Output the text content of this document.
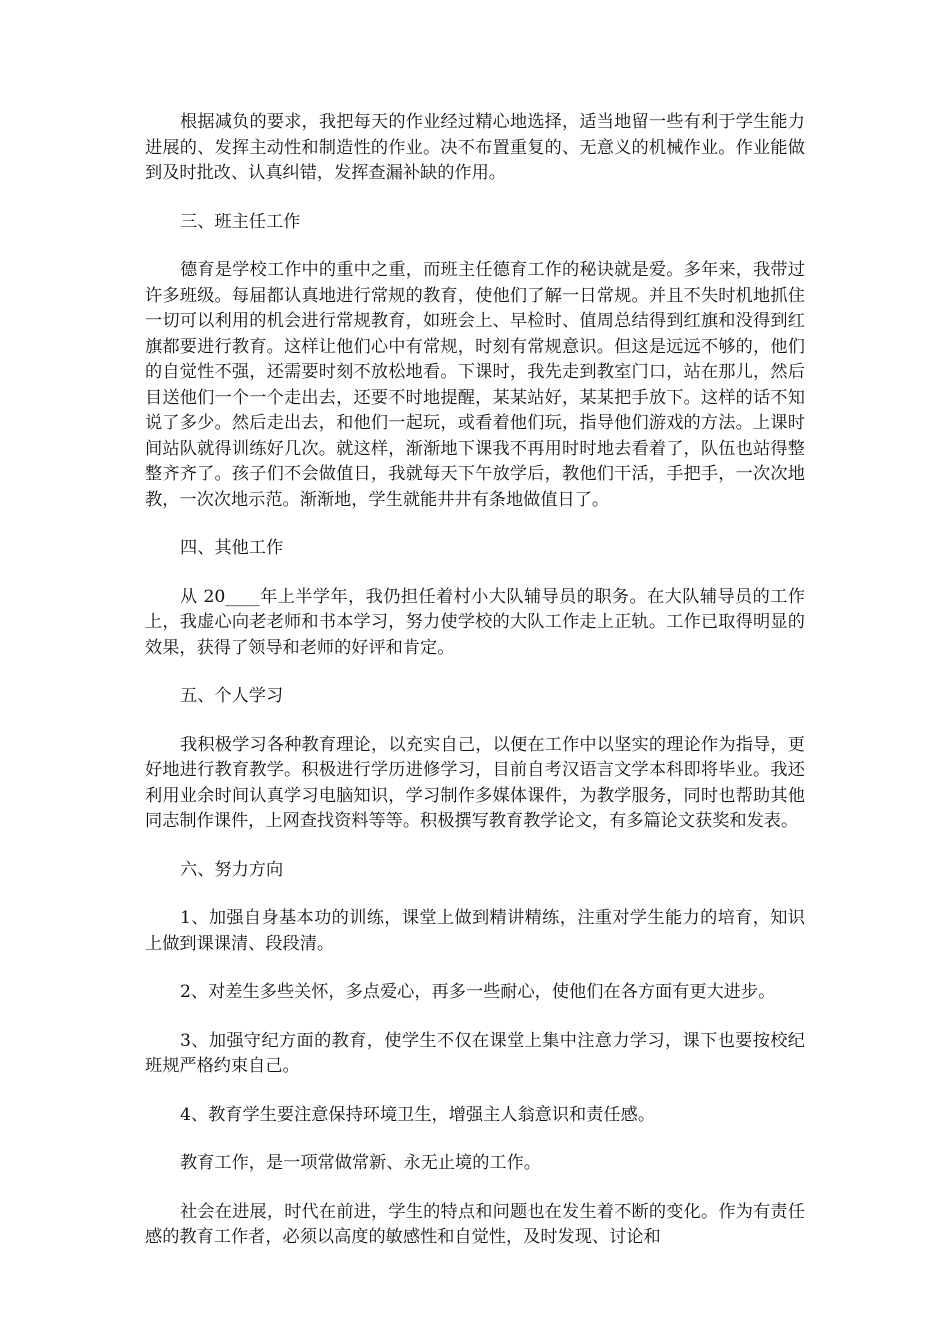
根据减负的要求，我把每天的作业经过精心地选择，适当地留一些有利于学生能力进展的、发挥主动性和制造性的作业。决不布置重复的、无意义的机械作业。作业能做到及时批改、认真纠错，发挥查漏补缺的作用。

三、班主任工作

德育是学校工作中的重中之重，而班主任德育工作的秘诀就是爱。多年来，我带过许多班级。每届都认真地进行常规的教育，使他们了解一日常规。并且不失时机地抓住一切可以利用的机会进行常规教育，如班会上、早检时、值周总结得到红旗和没得到红旗都要进行教育。这样让他们心中有常规，时刻有常规意识。但这是远远不够的，他们的自觉性不强，还需要时刻不放松地看。下课时，我先走到教室门口，站在那儿，然后目送他们一个一个走出去，还要不时地提醒，某某站好，某某把手放下。这样的话不知说了多少。然后走出去，和他们一起玩，或看着他们玩，指导他们游戏的方法。上课时间站队就得训练好几次。就这样，渐渐地下课我不再用时时地去看着了，队伍也站得整整齐齐了。孩子们不会做值日，我就每天下午放学后，教他们干活，手把手，一次次地教，一次次地示范。渐渐地，学生就能井井有条地做值日了。

四、其他工作

从 20____年上半学年，我仍担任着村小大队辅导员的职务。在大队辅导员的工作上，我虚心向老老师和书本学习，努力使学校的大队工作走上正轨。工作已取得明显的效果，获得了领导和老师的好评和肯定。

五、个人学习

我积极学习各种教育理论，以充实自己，以便在工作中以坚实的理论作为指导，更好地进行教育教学。积极进行学历进修学习，目前自考汉语言文学本科即将毕业。我还利用业余时间认真学习电脑知识，学习制作多媒体课件，为教学服务，同时也帮助其他同志制作课件，上网查找资料等等。积极撰写教育教学论文，有多篇论文获奖和发表。

六、努力方向

1、加强自身基本功的训练，课堂上做到精讲精练，注重对学生能力的培育，知识上做到课课清、段段清。

2、对差生多些关怀，多点爱心，再多一些耐心，使他们在各方面有更大进步。

3、加强守纪方面的教育，使学生不仅在课堂上集中注意力学习，课下也要按校纪班规严格约束自己。

4、教育学生要注意保持环境卫生，增强主人翁意识和责任感。

教育工作，是一项常做常新、永无止境的工作。

社会在进展，时代在前进，学生的特点和问题也在发生着不断的变化。作为有责任感的教育工作者，必须以高度的敏感性和自觉性，及时发现、讨论和
